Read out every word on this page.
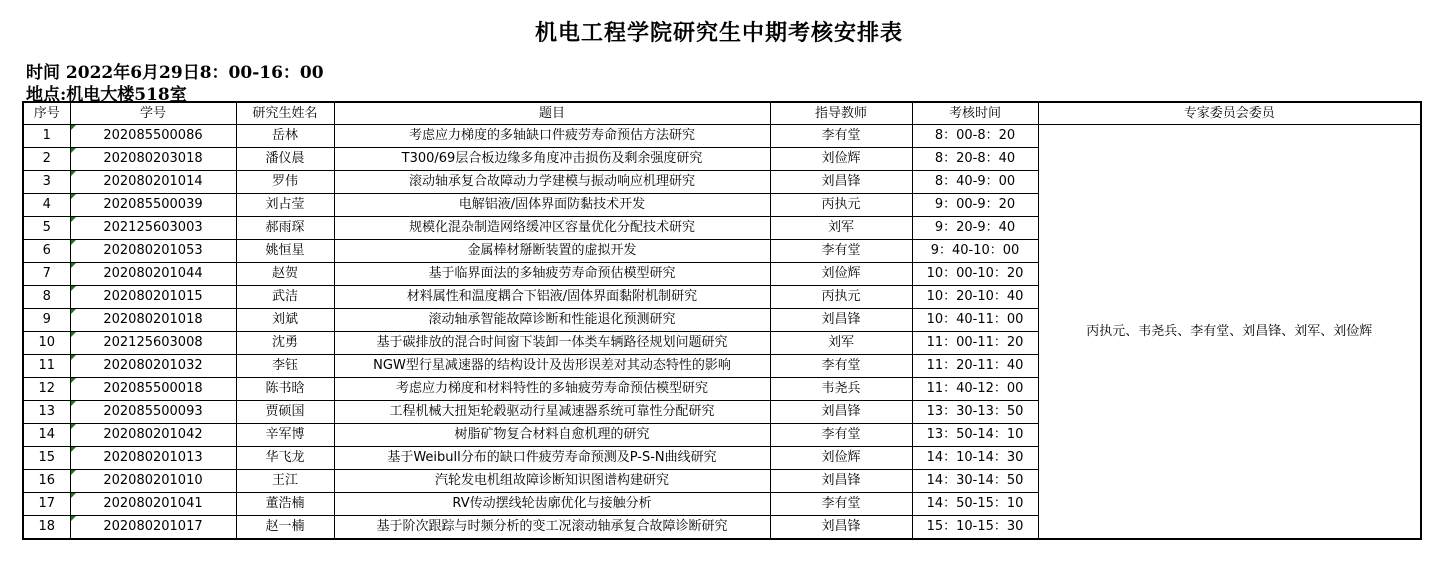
机电工程学院研究生中期考核安排表
时间 2022年6月29日8：00-16：00
地点:机电大楼518室
序号	学号	研究生姓名	题目	指导教师	考核时间	专家委员会委员
1	202085500086	岳林	考虑应力梯度的多轴缺口件疲劳寿命预估方法研究	李有堂	8：00-8：20	丙执元、韦尧兵、李有堂、刘昌锋、刘军、刘俭辉
2	202080203018	潘仪晨	T300/69层合板边缘多角度冲击损伤及剩余强度研究	刘俭辉	8：20-8：40	
3	202080201014	罗伟	滚动轴承复合故障动力学建模与振动响应机理研究	刘昌锋	8：40-9：00	
4	202085500039	刘占莹	电解铝液/固体界面防黏技术开发	丙执元	9：00-9：20	
5	202125603003	郝雨琛	规模化混杂制造网络缓冲区容量优化分配技术研究	刘军	9：20-9：40	
6	202080201053	姚恒星	金属棒材掰断装置的虚拟开发	李有堂	9：40-10：00	
7	202080201044	赵贺	基于临界面法的多轴疲劳寿命预估模型研究	刘俭辉	10：00-10：20	
8	202080201015	武洁	材料属性和温度耦合下铝液/固体界面黏附机制研究	丙执元	10：20-10：40	
9	202080201018	刘斌	滚动轴承智能故障诊断和性能退化预测研究	刘昌锋	10：40-11：00	
10	202125603008	沈勇	基于碳排放的混合时间窗下装卸一体类车辆路径规划问题研究	刘军	11：00-11：20	
11	202080201032	李钰	NGW型行星减速器的结构设计及齿形误差对其动态特性的影响	李有堂	11：20-11：40	
12	202085500018	陈书晗	考虑应力梯度和材料特性的多轴疲劳寿命预估模型研究	韦尧兵	11：40-12：00	
13	202085500093	贾硕国	工程机械大扭矩轮毂驱动行星减速器系统可靠性分配研究	刘昌锋	13：30-13：50	
14	202080201042	辛军博	树脂矿物复合材料自愈机理的研究	李有堂	13：50-14：10	
15	202080201013	华飞龙	基于Weibull分布的缺口件疲劳寿命预测及P-S-N曲线研究	刘俭辉	14：10-14：30	
16	202080201010	王江	汽轮发电机组故障诊断知识图谱构建研究	刘昌锋	14：30-14：50	
17	202080201041	董浩楠	RV传动摆线轮齿廓优化与接触分析	李有堂	14：50-15：10	
18	202080201017	赵一楠	基于阶次跟踪与时频分析的变工况滚动轴承复合故障诊断研究	刘昌锋	15：10-15：30	
